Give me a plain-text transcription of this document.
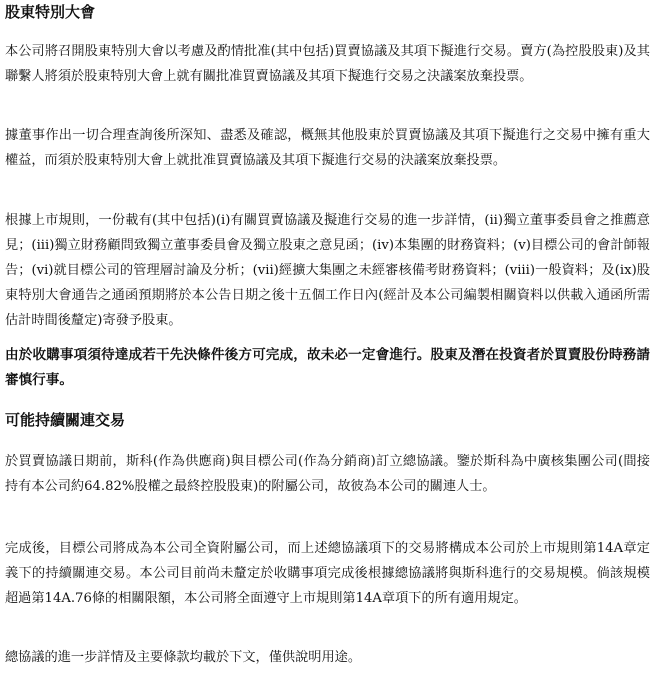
股東特別大會
本公司將召開股東特別大會以考慮及酌情批准(其中包括)買賣協議及其項下擬進行交易。賣方(為控股股東)及其聯繫人將須於股東特別大會上就有關批准買賣協議及其項下擬進行交易之決議案放棄投票。
據董事作出一切合理查詢後所深知、盡悉及確認，概無其他股東於買賣協議及其項下擬進行之交易中擁有重大權益，而須於股東特別大會上就批准買賣協議及其項下擬進行交易的決議案放棄投票。
根據上市規則，一份載有(其中包括)(i)有關買賣協議及擬進行交易的進一步詳情，(ii)獨立董事委員會之推薦意見；(iii)獨立財務顧問致獨立董事委員會及獨立股東之意見函；(iv)本集團的財務資料；(v)目標公司的會計師報告；(vi)就目標公司的管理層討論及分析；(vii)經擴大集團之未經審核備考財務資料；(viii)一般資料；及(ix)股東特別大會通告之通函預期將於本公告日期之後十五個工作日內(經計及本公司編製相關資料以供載入通函所需估計時間後釐定)寄發予股東。
由於收購事項須待達成若干先決條件後方可完成，故未必一定會進行。股東及潛在投資者於買賣股份時務請審慎行事。
可能持續關連交易
於買賣協議日期前，斯科(作為供應商)與目標公司(作為分銷商)訂立總協議。鑒於斯科為中廣核集團公司(間接持有本公司約64.82%股權之最終控股股東)的附屬公司，故彼為本公司的關連人士。
完成後，目標公司將成為本公司全資附屬公司，而上述總協議項下的交易將構成本公司於上市規則第14A章定義下的持續關連交易。本公司目前尚未釐定於收購事項完成後根據總協議將與斯科進行的交易規模。倘該規模超過第14A.76條的相關限額，本公司將全面遵守上市規則第14A章項下的所有適用規定。
總協議的進一步詳情及主要條款均載於下文，僅供說明用途。
